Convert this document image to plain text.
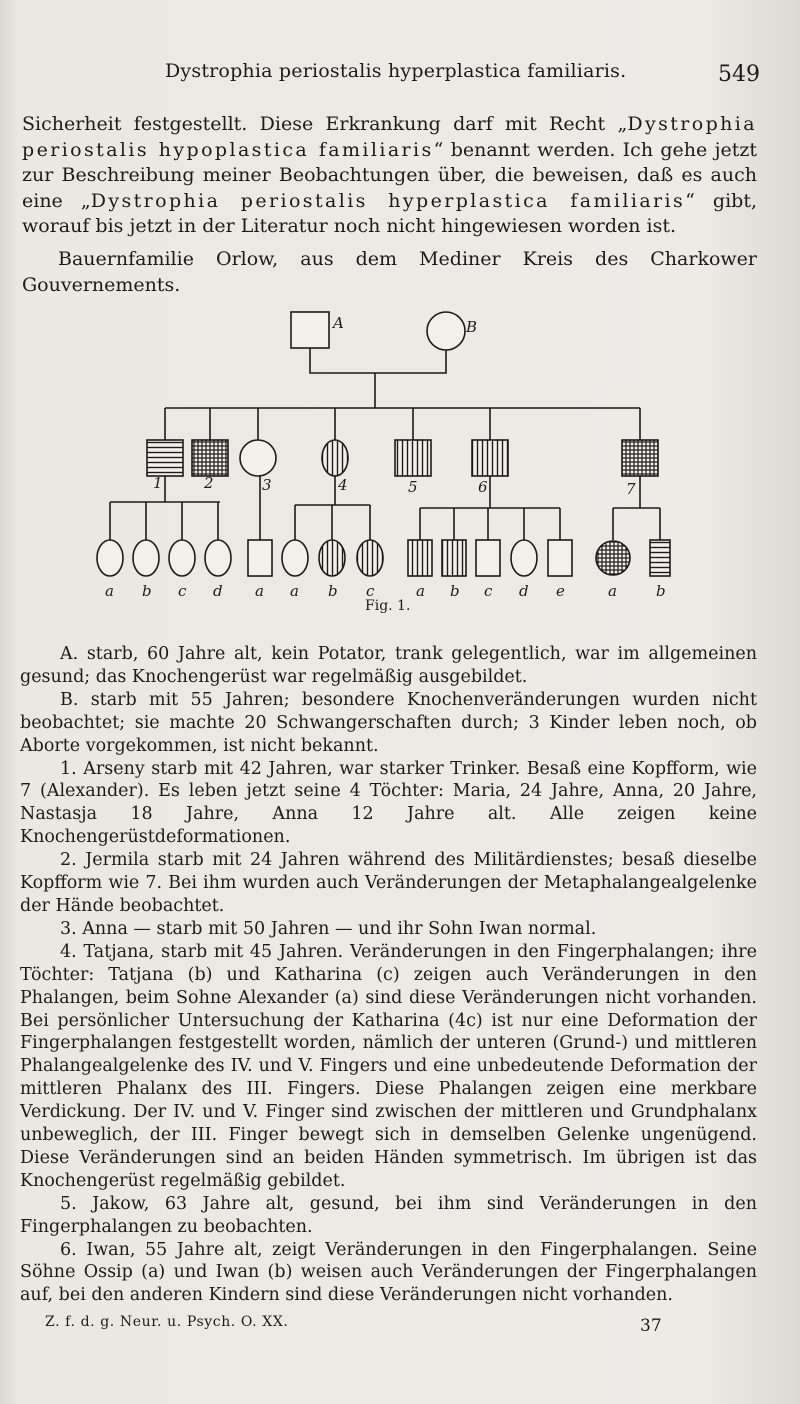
Dystrophia periostalis hyperplastica familiaris.	549
Sicherheit festgestellt. Diese Erkrankung darf mit Recht „Dystrophia periostalis hypoplastica familiaris“ benannt werden. Ich gehe jetzt zur Beschreibung meiner Beobachtungen über, die beweisen, daß es auch eine „Dystrophia periostalis hyperplastica familiaris“ gibt, worauf bis jetzt in der Literatur noch nicht hingewiesen worden ist.
Bauernfamilie Orlow, aus dem Mediner Kreis des Charkower Gouvernements.
A	B
1	2	3	4	5	6	7
a b c d a a b c	a b c d e	a	b
Fig. 1.

A. starb, 60 Jahre alt, kein Potator, trank gelegentlich, war im allgemeinen gesund; das Knochengerüst war regelmäßig ausgebildet.

B. starb mit 55 Jahren; besondere Knochenveränderungen wurden nicht beobachtet; sie machte 20 Schwangerschaften durch; 3 Kinder leben noch, ob Aborte vorgekommen, ist nicht bekannt.

1. Arseny starb mit 42 Jahren, war starker Trinker. Besaß eine Kopfform, wie 7 (Alexander). Es leben jetzt seine 4 Töchter: Maria, 24 Jahre, Anna, 20 Jahre, Nastasja 18 Jahre, Anna 12 Jahre alt. Alle zeigen keine Knochengerüstdeformationen.

2. Jermila starb mit 24 Jahren während des Militärdienstes; besaß dieselbe Kopfform wie 7. Bei ihm wurden auch Veränderungen der Metaphalangealgelenke der Hände beobachtet.

3. Anna — starb mit 50 Jahren — und ihr Sohn Iwan normal.

4. Tatjana, starb mit 45 Jahren. Veränderungen in den Fingerphalangen; ihre Töchter: Tatjana (b) und Katharina (c) zeigen auch Veränderungen in den Phalangen, beim Sohne Alexander (a) sind diese Veränderungen nicht vorhanden. Bei persönlicher Untersuchung der Katharina (4c) ist nur eine Deformation der Fingerphalangen festgestellt worden, nämlich der unteren (Grund-) und mittleren Phalangealgelenke des IV. und V. Fingers und eine unbedeutende Deformation der mittleren Phalanx des III. Fingers. Diese Phalangen zeigen eine merkbare Verdickung. Der IV. und V. Finger sind zwischen der mittleren und Grundphalanx unbeweglich, der III. Finger bewegt sich in demselben Gelenke ungenügend. Diese Veränderungen sind an beiden Händen symmetrisch. Im übrigen ist das Knochengerüst regelmäßig gebildet.

5. Jakow, 63 Jahre alt, gesund, bei ihm sind Veränderungen in den Fingerphalangen zu beobachten.

6. Iwan, 55 Jahre alt, zeigt Veränderungen in den Fingerphalangen. Seine Söhne Ossip (a) und Iwan (b) weisen auch Veränderungen der Fingerphalangen auf, bei den anderen Kindern sind diese Veränderungen nicht vorhanden.

Z. f. d. g. Neur. u. Psych. O. XX.	37
